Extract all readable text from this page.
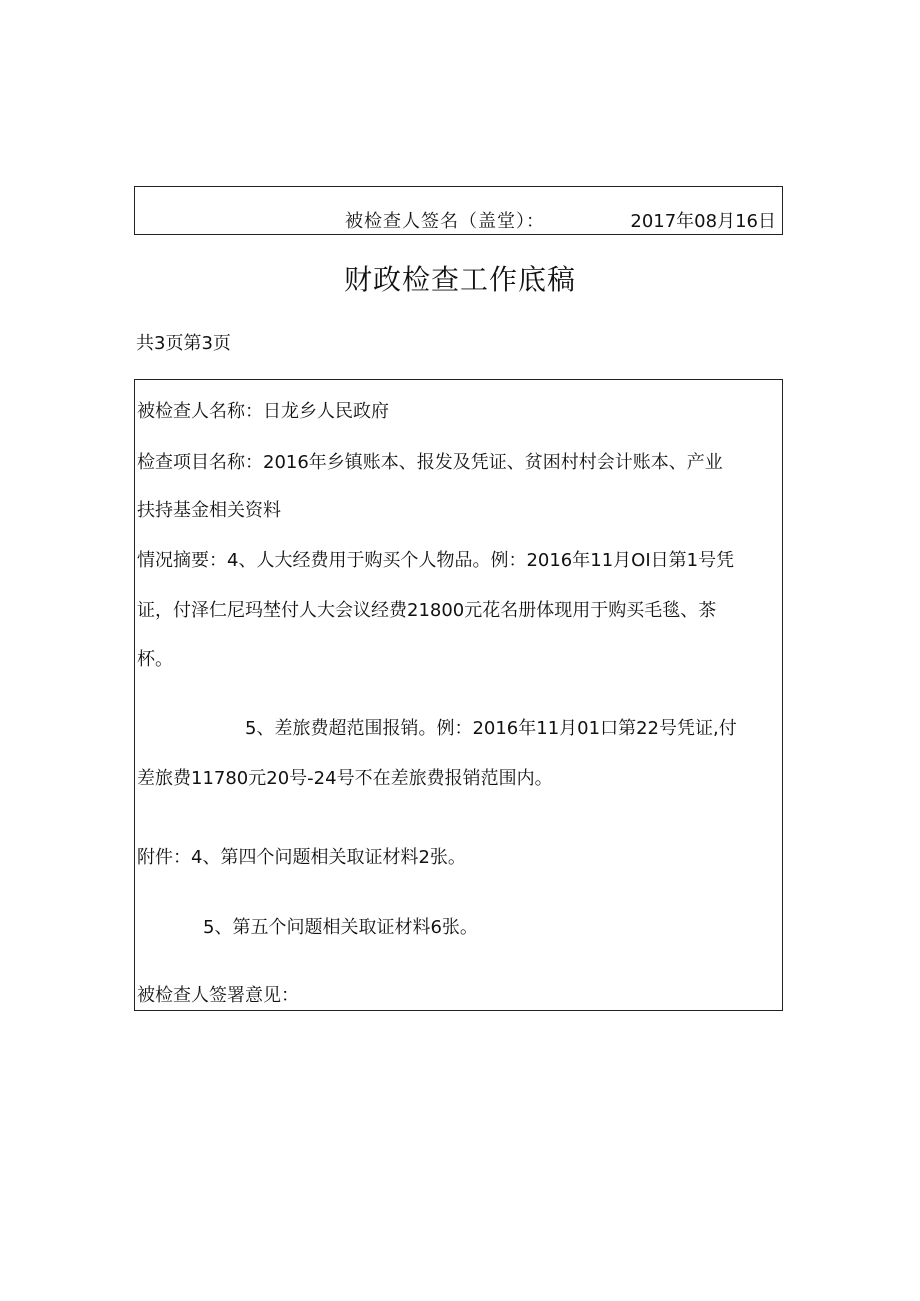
被检查人签名（盖堂）：	2017年08月16日
财政检查工作底稿
共3页第3页
被检查人名称：日龙乡人民政府
检查项目名称：2016年乡镇账本、报发及凭证、贫困村村会计账本、产业
扶持基金相关资料
情况摘要：4、人大经费用于购买个人物品。例：2016年11月OI日第1号凭
证，付泽仁尼玛埜付人大会议经费21800元花名册体现用于购买毛毯、茶
杯。
5、差旅费超范围报销。例：2016年11月01口第22号凭证,付
差旅费11780元20号-24号不在差旅费报销范围内。
附件：4、第四个问题相关取证材料2张。
5、第五个问题相关取证材料6张。
被检查人签署意见：
